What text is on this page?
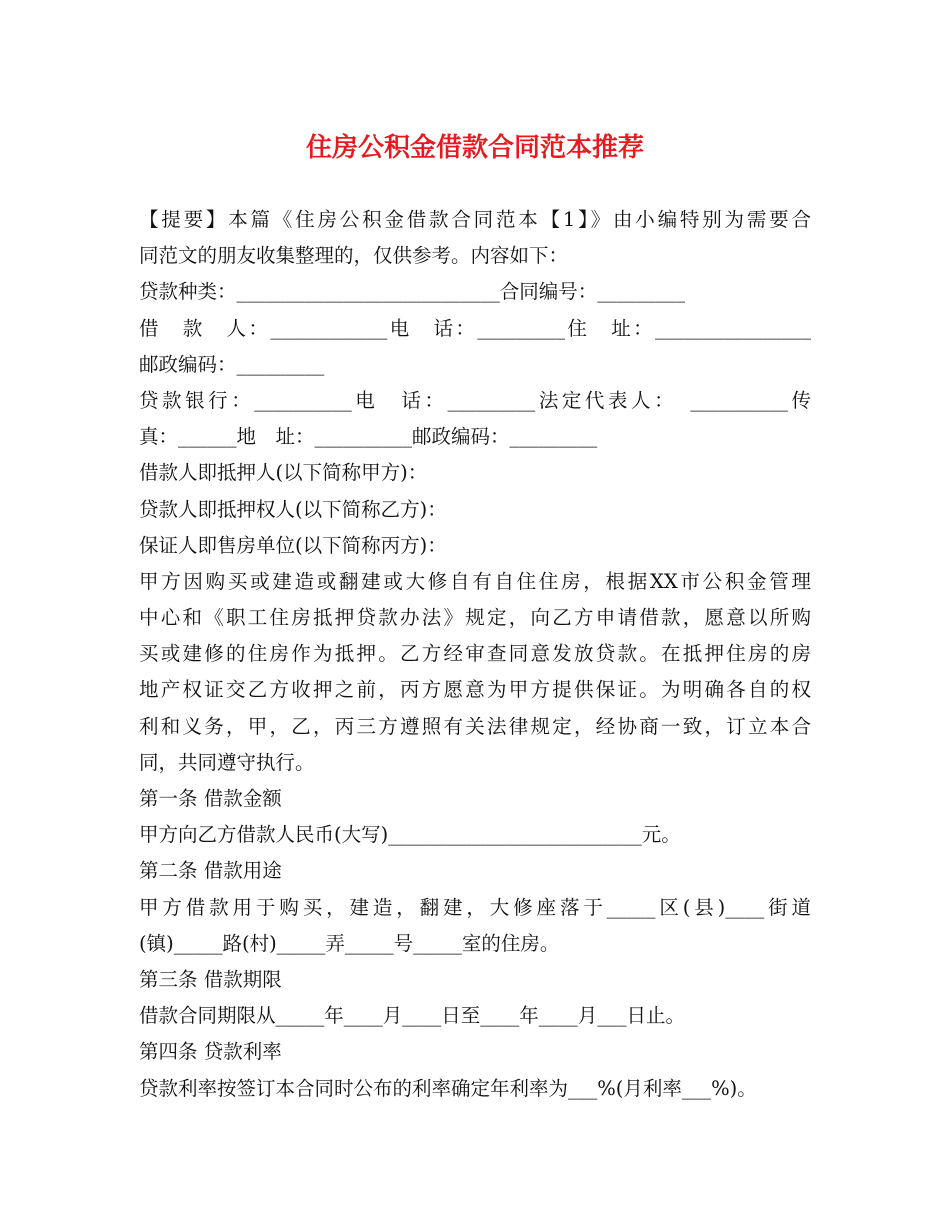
住房公积金借款合同范本推荐
【提要】本篇《住房公积金借款合同范本【1】》由小编特别为需要合
同范文的朋友收集整理的，仅供参考。内容如下：
贷款种类：___________________________合同编号：_________
借　款　人：____________电　话：_________住　址：________________
邮政编码：_________
贷款银行：__________电　话：_________法定代表人：　__________传
真：______地　址：__________邮政编码：_________
借款人即抵押人(以下简称甲方)：
贷款人即抵押权人(以下简称乙方)：
保证人即售房单位(以下简称丙方)：
甲方因购买或建造或翻建或大修自有自住住房，根据XX市公积金管理
中心和《职工住房抵押贷款办法》规定，向乙方申请借款，愿意以所购
买或建修的住房作为抵押。乙方经审查同意发放贷款。在抵押住房的房
地产权证交乙方收押之前，丙方愿意为甲方提供保证。为明确各自的权
利和义务，甲，乙，丙三方遵照有关法律规定，经协商一致，订立本合
同，共同遵守执行。
第一条 借款金额
甲方向乙方借款人民币(大写)__________________________元。
第二条 借款用途
甲方借款用于购买，建造，翻建，大修座落于_____区(县)____街道
(镇)_____路(村)_____弄_____号_____室的住房。
第三条 借款期限
借款合同期限从_____年____月____日至____年____月___日止。
第四条 贷款利率
贷款利率按签订本合同时公布的利率确定年利率为___%(月利率___%)。
